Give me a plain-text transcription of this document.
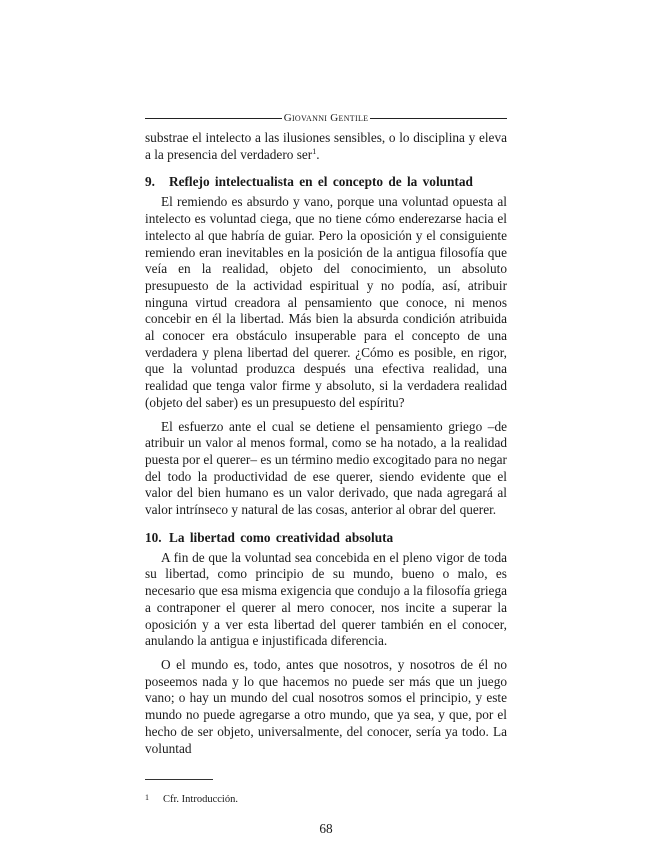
Giovanni Gentile

substrae el intelecto a las ilusiones sensibles, o lo disciplina y eleva a la presencia del verdadero ser$^1$.

9. Reflejo intelectualista en el concepto de la voluntad

El remiendo es absurdo y vano, porque una voluntad opuesta al intelecto es voluntad ciega, que no tiene cómo enderezarse hacia el intelecto al que habría de guiar. Pero la oposición y el consiguiente remiendo eran inevitables en la posición de la antigua filosofía que veía en la realidad, objeto del conocimiento, un absoluto presupuesto de la actividad espiritual y no podía, así, atribuir ninguna virtud creadora al pensamiento que conoce, ni menos concebir en él la libertad. Más bien la absurda condición atribuida al conocer era obstáculo insuperable para el concepto de una verdadera y plena libertad del querer. ¿Cómo es posible, en rigor, que la voluntad produzca después una efectiva realidad, una realidad que tenga valor firme y absoluto, si la verdadera realidad (objeto del saber) es un presupuesto del espíritu?

El esfuerzo ante el cual se detiene el pensamiento griego –de atribuir un valor al menos formal, como se ha notado, a la realidad puesta por el querer– es un término medio excogitado para no negar del todo la productividad de ese querer, siendo evidente que el valor del bien humano es un valor derivado, que nada agregará al valor intrínseco y natural de las cosas, anterior al obrar del querer.

10. La libertad como creatividad absoluta

A fin de que la voluntad sea concebida en el pleno vigor de toda su libertad, como principio de su mundo, bueno o malo, es necesario que esa misma exigencia que condujo a la filosofía griega a contraponer el querer al mero conocer, nos incite a superar la oposición y a ver esta libertad del querer también en el conocer, anulando la antigua e injustificada diferencia.

O el mundo es, todo, antes que nosotros, y nosotros de él no poseemos nada y lo que hacemos no puede ser más que un juego vano; o hay un mundo del cual nosotros somos el principio, y este mundo no puede agregarse a otro mundo, que ya sea, y que, por el hecho de ser objeto, universalmente, del conocer, sería ya todo. La voluntad

1 Cfr. Introducción.
68
